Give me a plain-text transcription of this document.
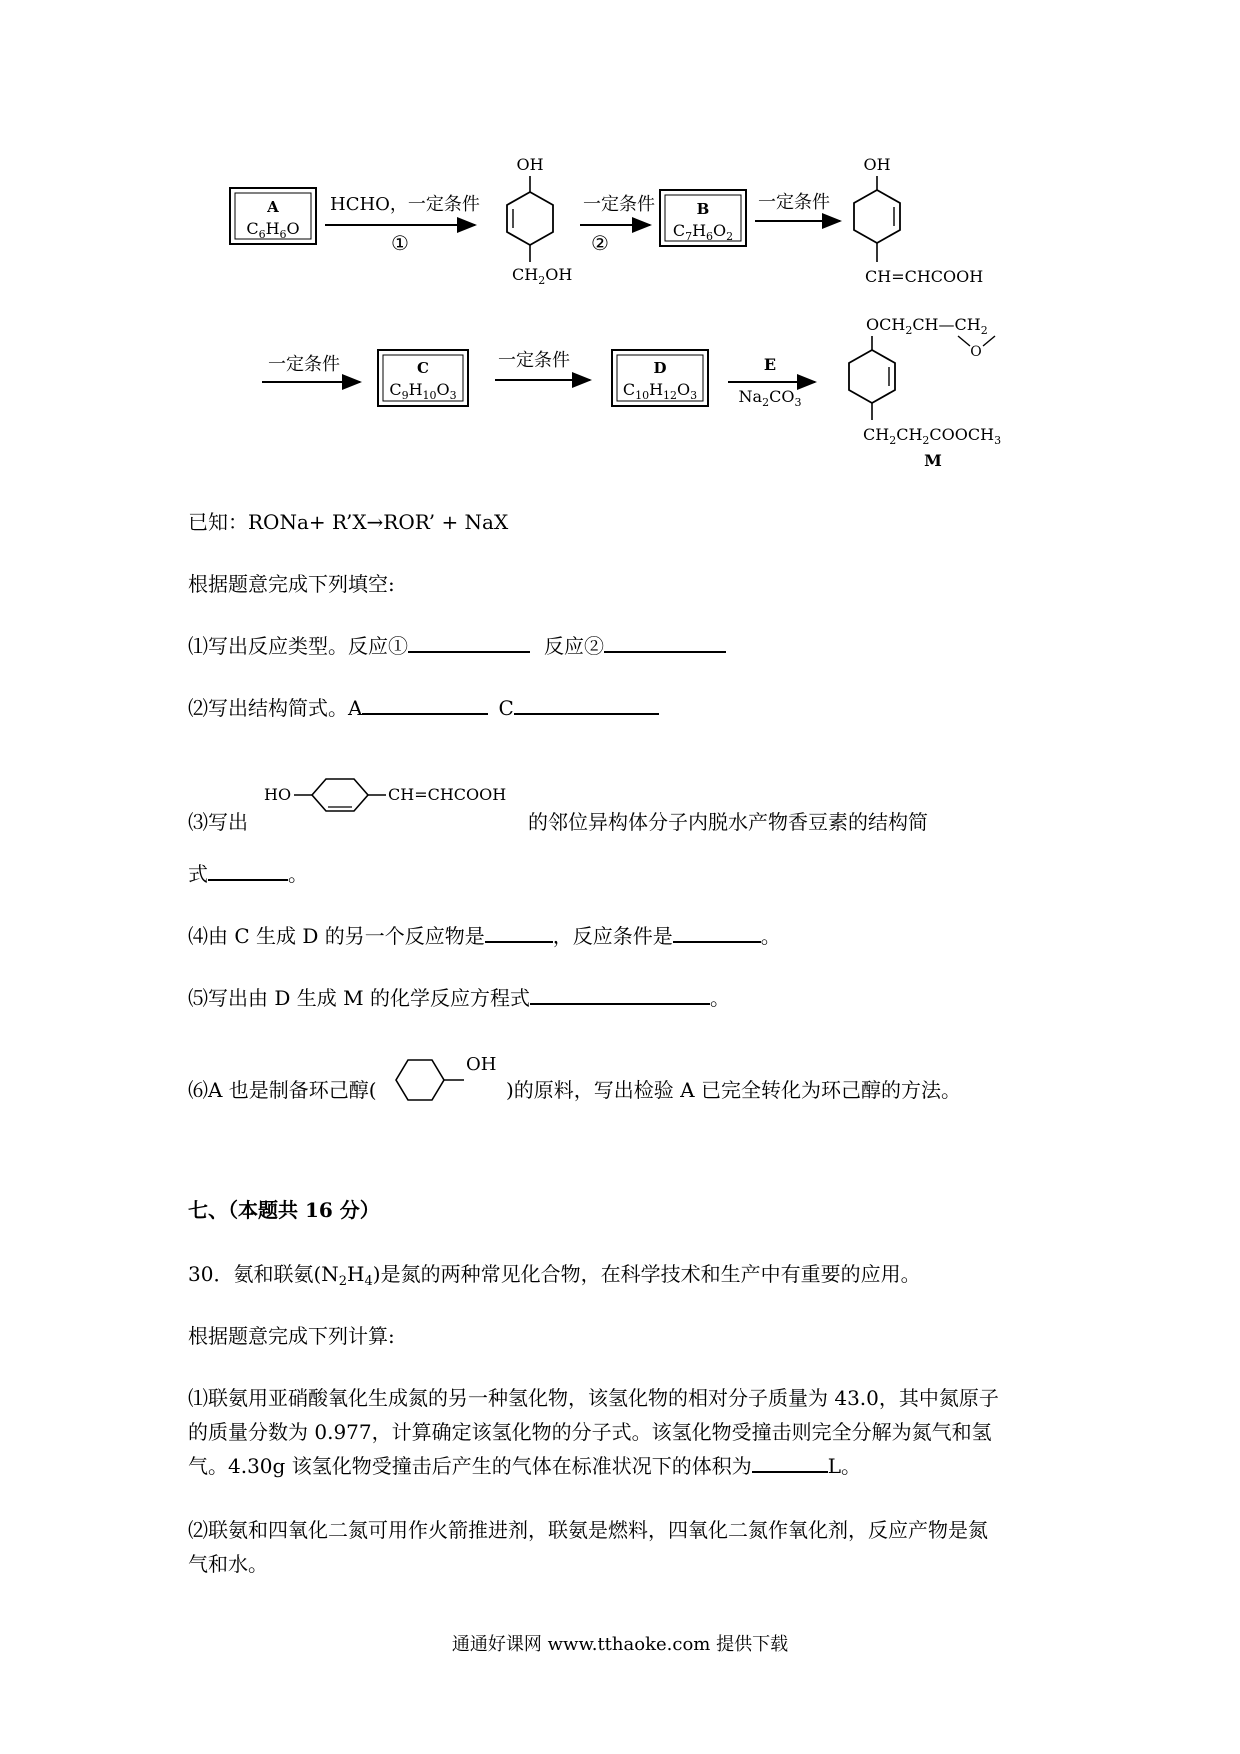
A
$C_6H_6O$
HCHO，一定条件
①
OH
$CH_2OH$
一定条件
②
B
$C_7H_6O_2$
一定条件
OH
CH=CHCOOH
一定条件	C
$C_9H_{10}O_3$
一定条件	D
$C_{10}H_{12}O_3$
E
$Na_2CO_3$
$OCH_2CH—CH_2$
O
$CH_2CH_2COOCH_3$
M
已知：RONa+ R’X→ROR’ + NaX
根据题意完成下列填空:
⑴写出反应类型。反应①	反应②
⑵写出结构简式。A	C
⑶写出
HO	CH=CHCOOH
的邻位异构体分子内脱水产物香豆素的结构简
式	。
⑷由 C 生成 D 的另一个反应物是	，反应条件是	。
⑸写出由 D 生成 M 的化学反应方程式	。
⑹A 也是制备环己醇(
OH
)的原料，写出检验 A 已完全转化为环己醇的方法。
七、（本题共 16 分）
30．氨和联氨$(N_2H_4)$是氮的两种常见化合物，在科学技术和生产中有重要的应用。
根据题意完成下列计算:
⑴联氨用亚硝酸氧化生成氮的另一种氢化物，该氢化物的相对分子质量为 43.0，其中氮原子
的质量分数为 0.977，计算确定该氢化物的分子式。该氢化物受撞击则完全分解为氮气和氢
气。4.30g 该氢化物受撞击后产生的气体在标准状况下的体积为	L。
⑵联氨和四氧化二氮可用作火箭推进剂，联氨是燃料，四氧化二氮作氧化剂，反应产物是氮
气和水。
通通好课网 www.tthaoke.com 提供下载
